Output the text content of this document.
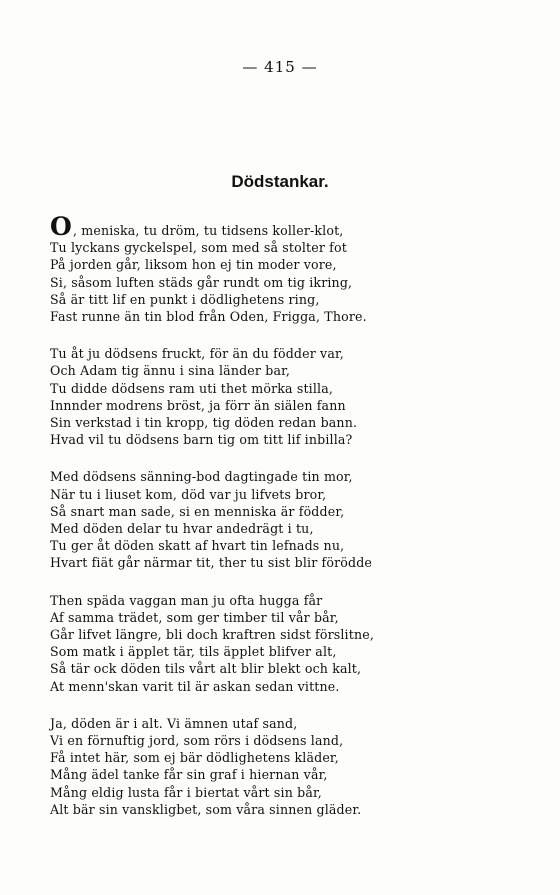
— 415 —
Dödstankar.
O, meniska, tu dröm, tu tidsens koller-klot,
Tu lyckans gyckelspel, som med så stolter fot
På jorden går, liksom hon ej tin moder vore,
Si, såsom luften städs går rundt om tig ikring,
Så är titt lif en punkt i dödlighetens ring,
Fast runne än tin blod från Oden, Frigga, Thore.
Tu åt ju dödsens fruckt, för än du födder var,
Och Adam tig ännu i sina länder bar,
Tu didde dödsens ram uti thet mörka stilla,
Innnder modrens bröst, ja förr än siälen fann
Sin verkstad i tin kropp, tig döden redan bann.
Hvad vil tu dödsens barn tig om titt lif inbilla?
Med dödsens sänning-bod dagtingade tin mor,
När tu i liuset kom, död var ju lifvets bror,
Så snart man sade, si en menniska är födder,
Med döden delar tu hvar andedrägt i tu,
Tu ger åt döden skatt af hvart tin lefnads nu,
Hvart fiät går närmar tit, ther tu sist blir förödde
Then späda vaggan man ju ofta hugga får
Af samma trädet, som ger timber til vår bår,
Går lifvet längre, bli doch kraftren sidst förslitne,
Som matk i äpplet tär, tils äpplet blifver alt,
Så tär ock döden tils vårt alt blir blekt och kalt,
At menn'skan varit til är askan sedan vittne.
Ja, döden är i alt. Vi ämnen utaf sand,
Vi en förnuftig jord, som rörs i dödsens land,
Få intet här, som ej bär dödlighetens kläder,
Mång ädel tanke får sin graf i hiernan vår,
Mång eldig lusta får i biertat vårt sin bår,
Alt bär sin vanskligbet, som våra sinnen gläder.
